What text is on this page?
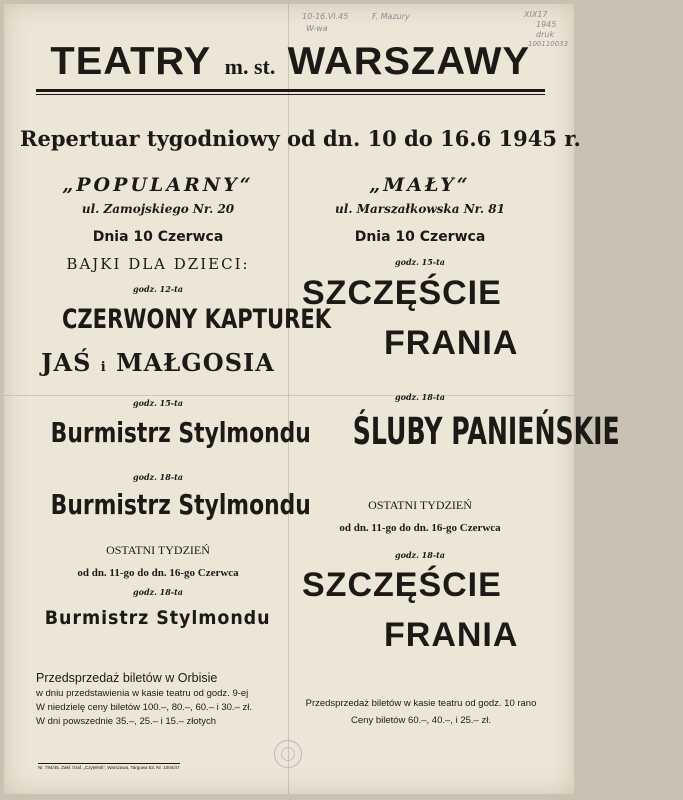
10-16.VI.45
W-wa
F. Mazury	XIX17
1945
druk
100110033
TEATRY m. st. WARSZAWY
Repertuar tygodniowy od dn. 10 do 16.6 1945 r.
„POPULARNY“
ul. Zamojskiego Nr. 20
Dnia 10 Czerwca
BAJKI DLA DZIECI:
godz. 12-ta
CZERWONY KAPTUREK
JAŚ i MAŁGOSIA
godz. 15-ta
Burmistrz Stylmondu
godz. 18-ta
Burmistrz Stylmondu
OSTATNI TYDZIEŃ
od dn. 11-go do dn. 16-go Czerwca
godz. 18-ta
Burmistrz Stylmondu
Przedsprzedaż biletów w Orbisie
w dniu przedstawienia w kasie teatru od godz. 9-ej
W niedzielę ceny biletów 100.–, 80.–, 60.– i 30.– zł.
W dni powszednie 35.–, 25.– i 15.– złotych
„MAŁY“
ul. Marszałkowska Nr. 81
Dnia 10 Czerwca
godz. 15-ta
SZCZĘŚCIE
FRANIA
godz. 18-ta
ŚLUBY PANIEŃSKIE
OSTATNI TYDZIEŃ
od dn. 11-go do dn. 16-go Czerwca
godz. 18-ta
SZCZĘŚCIE
FRANIA
Przedsprzedaż biletów w kasie teatru od godz. 10 rano
Ceny biletów 60.–, 40.–, i 25.– zł.
Nr. 784/45. Zakł. Graf. „Czytelnik“, Warszawa, Targowa 63. Nr. 1004/47
